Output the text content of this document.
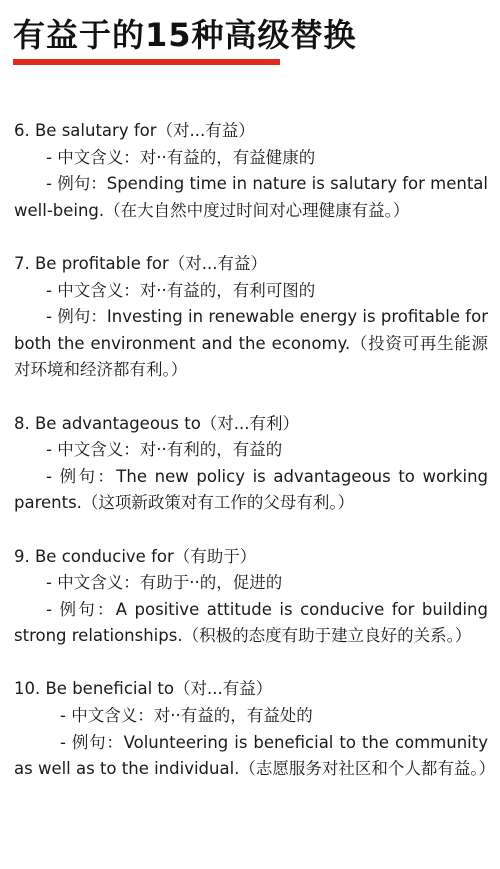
有益于的15种高级替换
6. Be salutary for（对...有益）
- 中文含义：对··有益的，有益健康的
- 例句：Spending time in nature is salutary for mental well-being.（在大自然中度过时间对心理健康有益。）
7. Be profitable for（对...有益）
- 中文含义：对··有益的，有利可图的
- 例句：Investing in renewable energy is profitable for both the environment and the economy.（投资可再生能源对环境和经济都有利。）
8. Be advantageous to（对...有利）
- 中文含义：对··有利的，有益的
- 例句：The new policy is advantageous to working parents.（这项新政策对有工作的父母有利。）
9. Be conducive for（有助于）
- 中文含义：有助于··的，促进的
- 例句：A positive attitude is conducive for building strong relationships.（积极的态度有助于建立良好的关系。）
10. Be beneficial to（对...有益）
- 中文含义：对··有益的，有益处的
- 例句：Volunteering is beneficial to the community as well as to the individual.（志愿服务对社区和个人都有益。）
